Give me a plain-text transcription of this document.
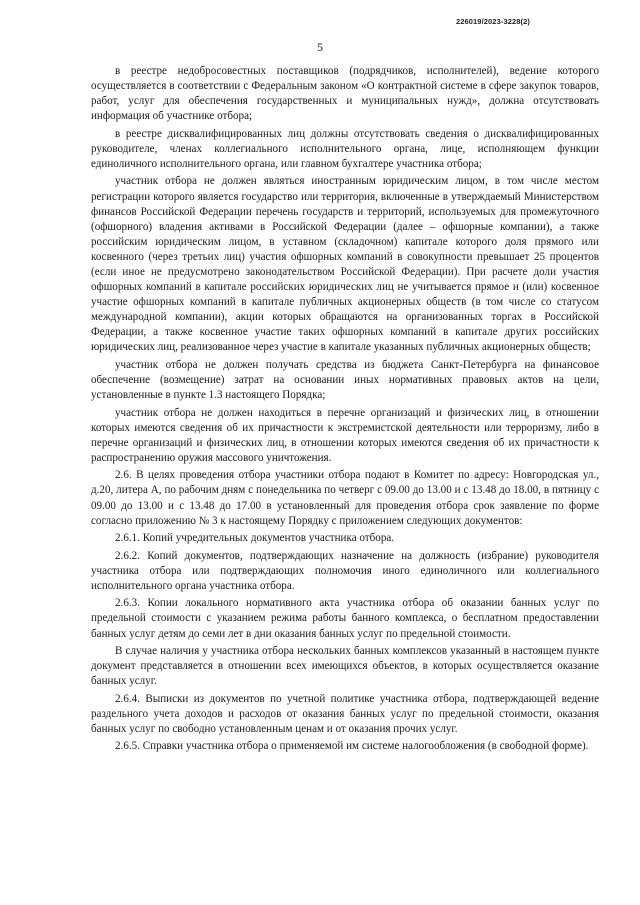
226019/2023-3228(2)
5

в реестре недобросовестных поставщиков (подрядчиков, исполнителей), ведение которого осуществляется в соответствии с Федеральным законом «О контрактной системе в сфере закупок товаров, работ, услуг для обеспечения государственных и муниципальных нужд», должна отсутствовать информация об участнике отбора;

в реестре дисквалифицированных лиц должны отсутствовать сведения о дисквалифицированных руководителе, членах коллегиального исполнительного органа, лице, исполняющем функции единоличного исполнительного органа, или главном бухгалтере участника отбора;

участник отбора не должен являться иностранным юридическим лицом, в том числе местом регистрации которого является государство или территория, включенные в утверждаемый Министерством финансов Российской Федерации перечень государств и территорий, используемых для промежуточного (офшорного) владения активами в Российской Федерации (далее – офшорные компании), а также российским юридическим лицом, в уставном (складочном) капитале которого доля прямого или косвенного (через третьих лиц) участия офшорных компаний в совокупности превышает 25 процентов (если иное не предусмотрено законодательством Российской Федерации). При расчете доли участия офшорных компаний в капитале российских юридических лиц не учитывается прямое и (или) косвенное участие офшорных компаний в капитале публичных акционерных обществ (в том числе со статусом международной компании), акции которых обращаются на организованных торгах в Российской Федерации, а также косвенное участие таких офшорных компаний в капитале других российских юридических лиц, реализованное через участие в капитале указанных публичных акционерных обществ;

участник отбора не должен получать средства из бюджета Санкт-Петербурга на финансовое обеспечение (возмещение) затрат на основании иных нормативных правовых актов на цели, установленные в пункте 1.3 настоящего Порядка;

участник отбора не должен находиться в перечне организаций и физических лиц, в отношении которых имеются сведения об их причастности к экстремистской деятельности или терроризму, либо в перечне организаций и физических лиц, в отношении которых имеются сведения об их причастности к распространению оружия массового уничтожения.

2.6. В целях проведения отбора участники отбора подают в Комитет по адресу: Новгородская ул., д.20, литера А, по рабочим дням с понедельника по четверг с 09.00 до 13.00 и с 13.48 до 18.00, в пятницу с 09.00 до 13.00 и с 13.48 до 17.00 в установленный для проведения отбора срок заявление по форме согласно приложению № 3 к настоящему Порядку с приложением следующих документов:

2.6.1. Копий учредительных документов участника отбора.

2.6.2. Копий документов, подтверждающих назначение на должность (избрание) руководителя участника отбора или подтверждающих полномочия иного единоличного или коллегиального исполнительного органа участника отбора.

2.6.3. Копии локального нормативного акта участника отбора об оказании банных услуг по предельной стоимости с указанием режима работы банного комплекса, о бесплатном предоставлении банных услуг детям до семи лет в дни оказания банных услуг по предельной стоимости.

В случае наличия у участника отбора нескольких банных комплексов указанный в настоящем пункте документ представляется в отношении всех имеющихся объектов, в которых осуществляется оказание банных услуг.

2.6.4. Выписки из документов по учетной политике участника отбора, подтверждающей ведение раздельного учета доходов и расходов от оказания банных услуг по предельной стоимости, оказания банных услуг по свободно установленным ценам и от оказания прочих услуг.

2.6.5. Справки участника отбора о применяемой им системе налогообложения (в свободной форме).
